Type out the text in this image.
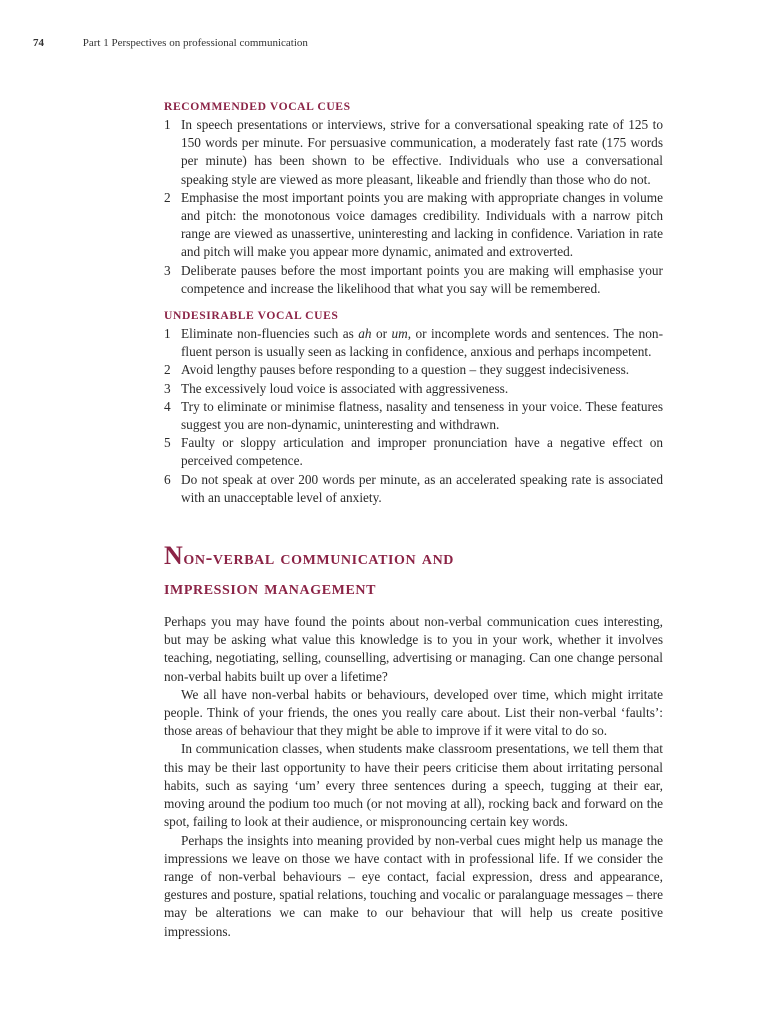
74	Part 1 Perspectives on professional communication
RECOMMENDED VOCAL CUES
1 In speech presentations or interviews, strive for a conversational speaking rate of 125 to 150 words per minute. For persuasive communication, a moderately fast rate (175 words per minute) has been shown to be effective. Individuals who use a conversational speaking style are viewed as more pleasant, likeable and friendly than those who do not.
2 Emphasise the most important points you are making with appropriate changes in volume and pitch: the monotonous voice damages credibility. Individuals with a narrow pitch range are viewed as unassertive, uninteresting and lacking in confidence. Variation in rate and pitch will make you appear more dynamic, animated and extroverted.
3 Deliberate pauses before the most important points you are making will emphasise your competence and increase the likelihood that what you say will be remembered.
UNDESIRABLE VOCAL CUES
1 Eliminate non-fluencies such as ah or um, or incomplete words and sentences. The non-fluent person is usually seen as lacking in confidence, anxious and perhaps incompetent.
2 Avoid lengthy pauses before responding to a question – they suggest indecisiveness.
3 The excessively loud voice is associated with aggressiveness.
4 Try to eliminate or minimise flatness, nasality and tenseness in your voice. These features suggest you are non-dynamic, uninteresting and withdrawn.
5 Faulty or sloppy articulation and improper pronunciation have a negative effect on perceived competence.
6 Do not speak at over 200 words per minute, as an accelerated speaking rate is associated with an unacceptable level of anxiety.
Non-verbal communication and
impression management

Perhaps you may have found the points about non-verbal communication cues interesting, but may be asking what value this knowledge is to you in your work, whether it involves teaching, negotiating, selling, counselling, advertising or managing. Can one change personal non-verbal habits built up over a lifetime?

We all have non-verbal habits or behaviours, developed over time, which might irritate people. Think of your friends, the ones you really care about. List their non-verbal ‘faults’: those areas of behaviour that they might be able to improve if it were vital to do so.

In communication classes, when students make classroom presentations, we tell them that this may be their last opportunity to have their peers criticise them about irritating personal habits, such as saying ‘um’ every three sentences during a speech, tugging at their ear, moving around the podium too much (or not moving at all), rocking back and forward on the spot, failing to look at their audience, or mispronouncing certain key words.

Perhaps the insights into meaning provided by non-verbal cues might help us manage the impressions we leave on those we have contact with in professional life. If we consider the range of non-verbal behaviours – eye contact, facial expression, dress and appearance, gestures and posture, spatial relations, touching and vocalic or paralanguage messages – there may be alterations we can make to our behaviour that will help us create positive impressions.
